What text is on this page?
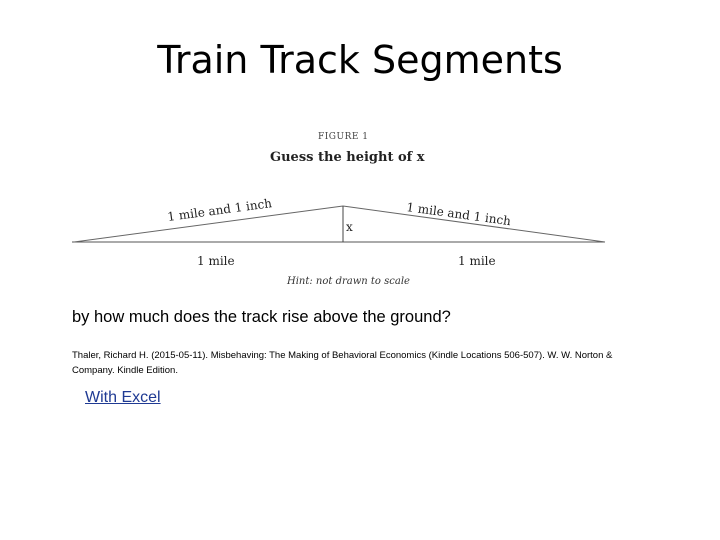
Train Track Segments
FIGURE 1
Guess the height of x
1 mile and 1 inch	1 mile and 1 inch
x
1 mile	1 mile
Hint: not drawn to scale
by how much does the track rise above the ground?
Thaler, Richard H. (2015-05-11). Misbehaving: The Making of Behavioral Economics (Kindle Locations 506-507). W. W. Norton & Company. Kindle Edition.
With Excel
